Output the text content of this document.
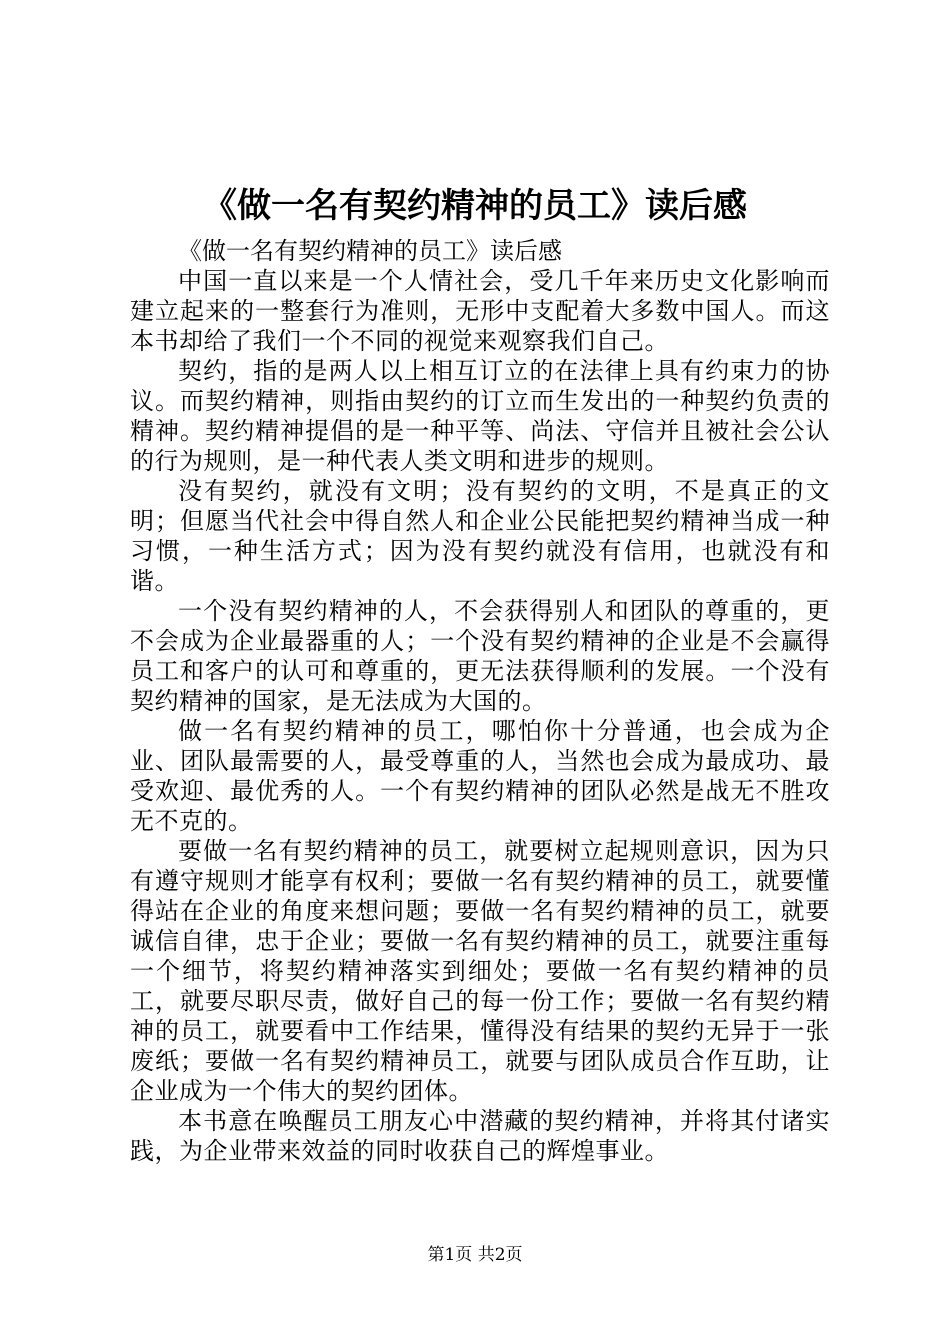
《做一名有契约精神的员工》读后感

《做一名有契约精神的员工》读后感

中国一直以来是一个人情社会，受几千年来历史文化影响而建立起来的一整套行为准则，无形中支配着大多数中国人。而这本书却给了我们一个不同的视觉来观察我们自己。

契约，指的是两人以上相互订立的在法律上具有约束力的协议。而契约精神，则指由契约的订立而生发出的一种契约负责的精神。契约精神提倡的是一种平等、尚法、守信并且被社会公认的行为规则，是一种代表人类文明和进步的规则。

没有契约，就没有文明；没有契约的文明，不是真正的文明；但愿当代社会中得自然人和企业公民能把契约精神当成一种习惯，一种生活方式；因为没有契约就没有信用，也就没有和谐。

一个没有契约精神的人，不会获得别人和团队的尊重的，更不会成为企业最器重的人；一个没有契约精神的企业是不会赢得员工和客户的认可和尊重的，更无法获得顺利的发展。一个没有契约精神的国家，是无法成为大国的。

做一名有契约精神的员工，哪怕你十分普通，也会成为企业、团队最需要的人，最受尊重的人，当然也会成为最成功、最受欢迎、最优秀的人。一个有契约精神的团队必然是战无不胜攻无不克的。

要做一名有契约精神的员工，就要树立起规则意识，因为只有遵守规则才能享有权利；要做一名有契约精神的员工，就要懂得站在企业的角度来想问题；要做一名有契约精神的员工，就要诚信自律，忠于企业；要做一名有契约精神的员工，就要注重每一个细节，将契约精神落实到细处；要做一名有契约精神的员工，就要尽职尽责，做好自己的每一份工作；要做一名有契约精神的员工，就要看中工作结果，懂得没有结果的契约无异于一张废纸；要做一名有契约精神员工，就要与团队成员合作互助，让企业成为一个伟大的契约团体。

本书意在唤醒员工朋友心中潜藏的契约精神，并将其付诸实践，为企业带来效益的同时收获自己的辉煌事业。

第1页 共2页
